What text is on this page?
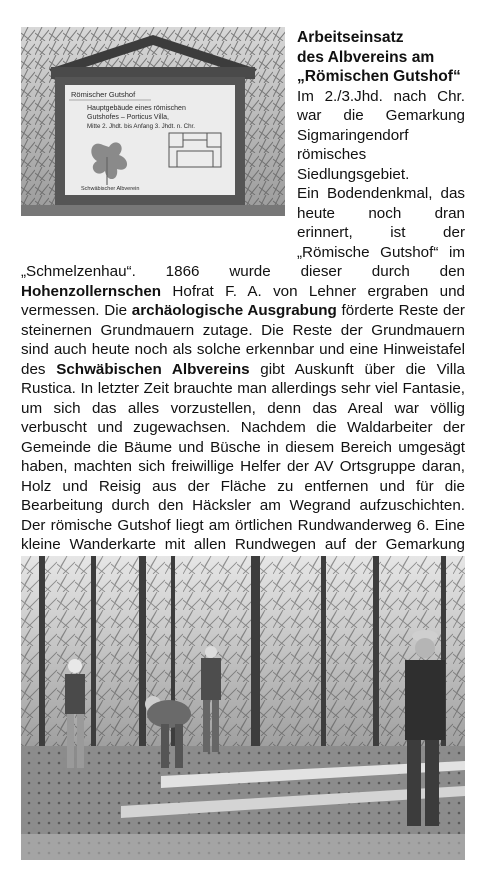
Römischer Gutshof
Hauptgebäude eines römischen
Gutshofes – Porticus Villa,
Mitte 2. Jhdt. bis Anfang 3. Jhdt. n. Chr.
Schwäbischer Albverein
Arbeitseinsatz
des Albvereins am
„Römischen Gutshof“

Im 2./3.Jhd. nach Chr. war die Gemarkung Sigmaringendorf römisches Siedlungsgebiet.

Ein Bodendenkmal, das heute noch dran erinnert, ist der „Römische Gutshof“ im „Schmelzenhau“. 1866 wurde dieser durch den Hohenzollernschen Hofrat F. A. von Lehner ergraben und vermessen. Die archäologische Ausgrabung förderte Reste der steinernen Grundmauern zutage. Die Reste der Grundmauern sind auch heute noch als solche erkennbar und eine Hinweistafel des Schwäbischen Albvereins gibt Auskunft über die Villa Rustica. In letzter Zeit brauchte man allerdings sehr viel Fantasie, um sich das alles vorzustellen, denn das Areal war völlig verbuscht und zugewachsen. Nachdem die Waldarbeiter der Gemeinde die Bäume und Büsche in diesem Bereich umgesägt haben, machten sich freiwillige Helfer der AV Ortsgruppe daran, Holz und Reisig aus der Fläche zu entfernen und für die Bearbeitung durch den Häcksler am Wegrand aufzuschichten. Der römische Gutshof liegt am örtlichen Rundwanderweg 6. Eine kleine Wanderkarte mit allen Rundwegen auf der Gemarkung
